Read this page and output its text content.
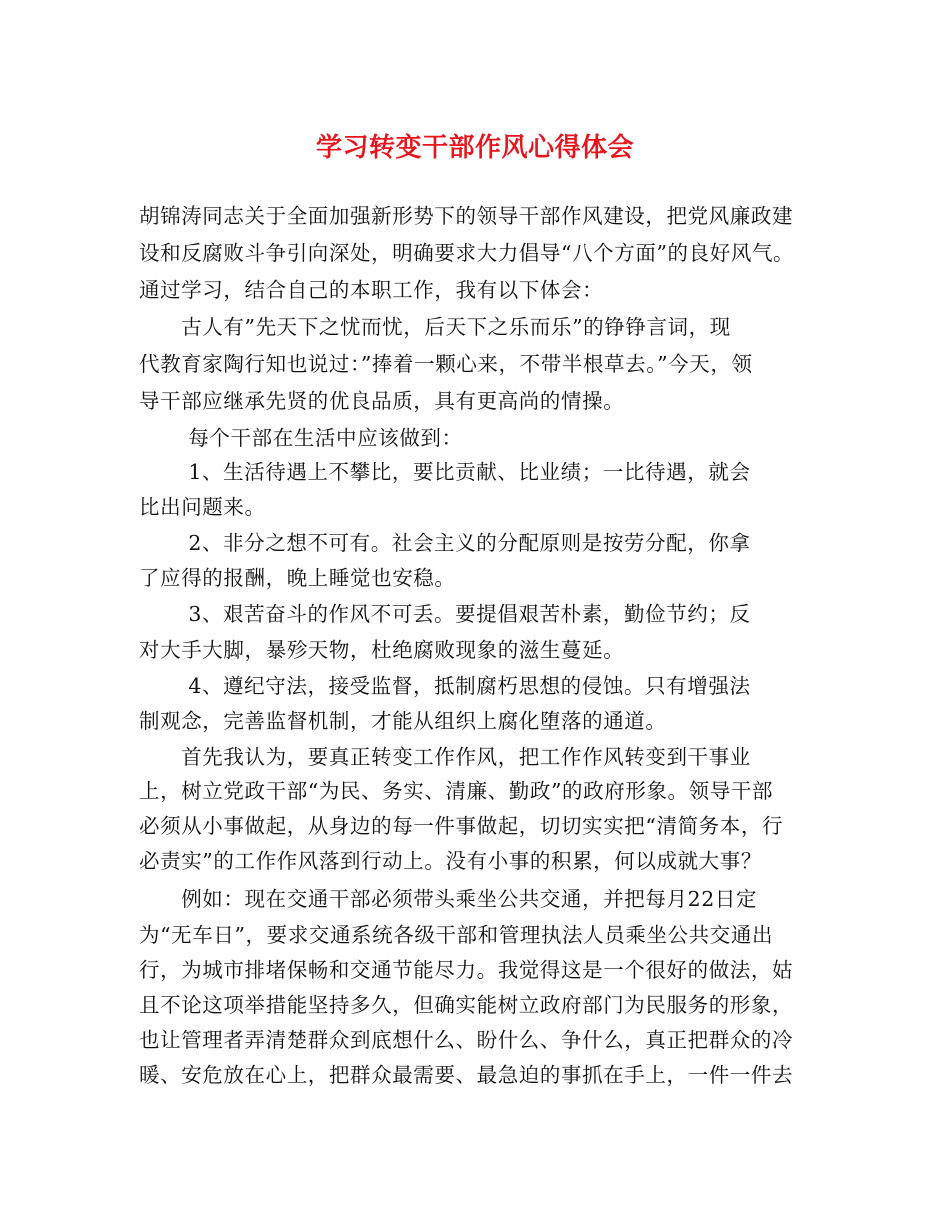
学习转变干部作风心得体会
胡锦涛同志关于全面加强新形势下的领导干部作风建设，把党风廉政建
设和反腐败斗争引向深处，明确要求大力倡导“八个方面”的良好风气。
通过学习，结合自己的本职工作，我有以下体会：
　　古人有”先天下之忧而忧，后天下之乐而乐”的铮铮言词，现
代教育家陶行知也说过：”捧着一颗心来，不带半根草去。”今天，领
导干部应继承先贤的优良品质，具有更高尚的情操。
　　 每个干部在生活中应该做到：
　　 1、生活待遇上不攀比，要比贡献、比业绩；一比待遇，就会
比出问题来。
　　 2、非分之想不可有。社会主义的分配原则是按劳分配，你拿
了应得的报酬，晚上睡觉也安稳。
　　 3、艰苦奋斗的作风不可丢。要提倡艰苦朴素，勤俭节约；反
对大手大脚，暴殄天物，杜绝腐败现象的滋生蔓延。
　　 4、遵纪守法，接受监督，抵制腐朽思想的侵蚀。只有增强法
制观念，完善监督机制，才能从组织上腐化堕落的通道。
　　首先我认为，要真正转变工作作风，把工作作风转变到干事业
上，树立党政干部“为民、务实、清廉、勤政”的政府形象。领导干部
必须从小事做起，从身边的每一件事做起，切切实实把“清简务本，行
必责实”的工作作风落到行动上。没有小事的积累，何以成就大事？
　　例如：现在交通干部必须带头乘坐公共交通，并把每月22日定
为“无车日”，要求交通系统各级干部和管理执法人员乘坐公共交通出
行，为城市排堵保畅和交通节能尽力。我觉得这是一个很好的做法，姑
且不论这项举措能坚持多久，但确实能树立政府部门为民服务的形象，
也让管理者弄清楚群众到底想什么、盼什么、争什么，真正把群众的冷
暖、安危放在心上，把群众最需要、最急迫的事抓在手上，一件一件去
